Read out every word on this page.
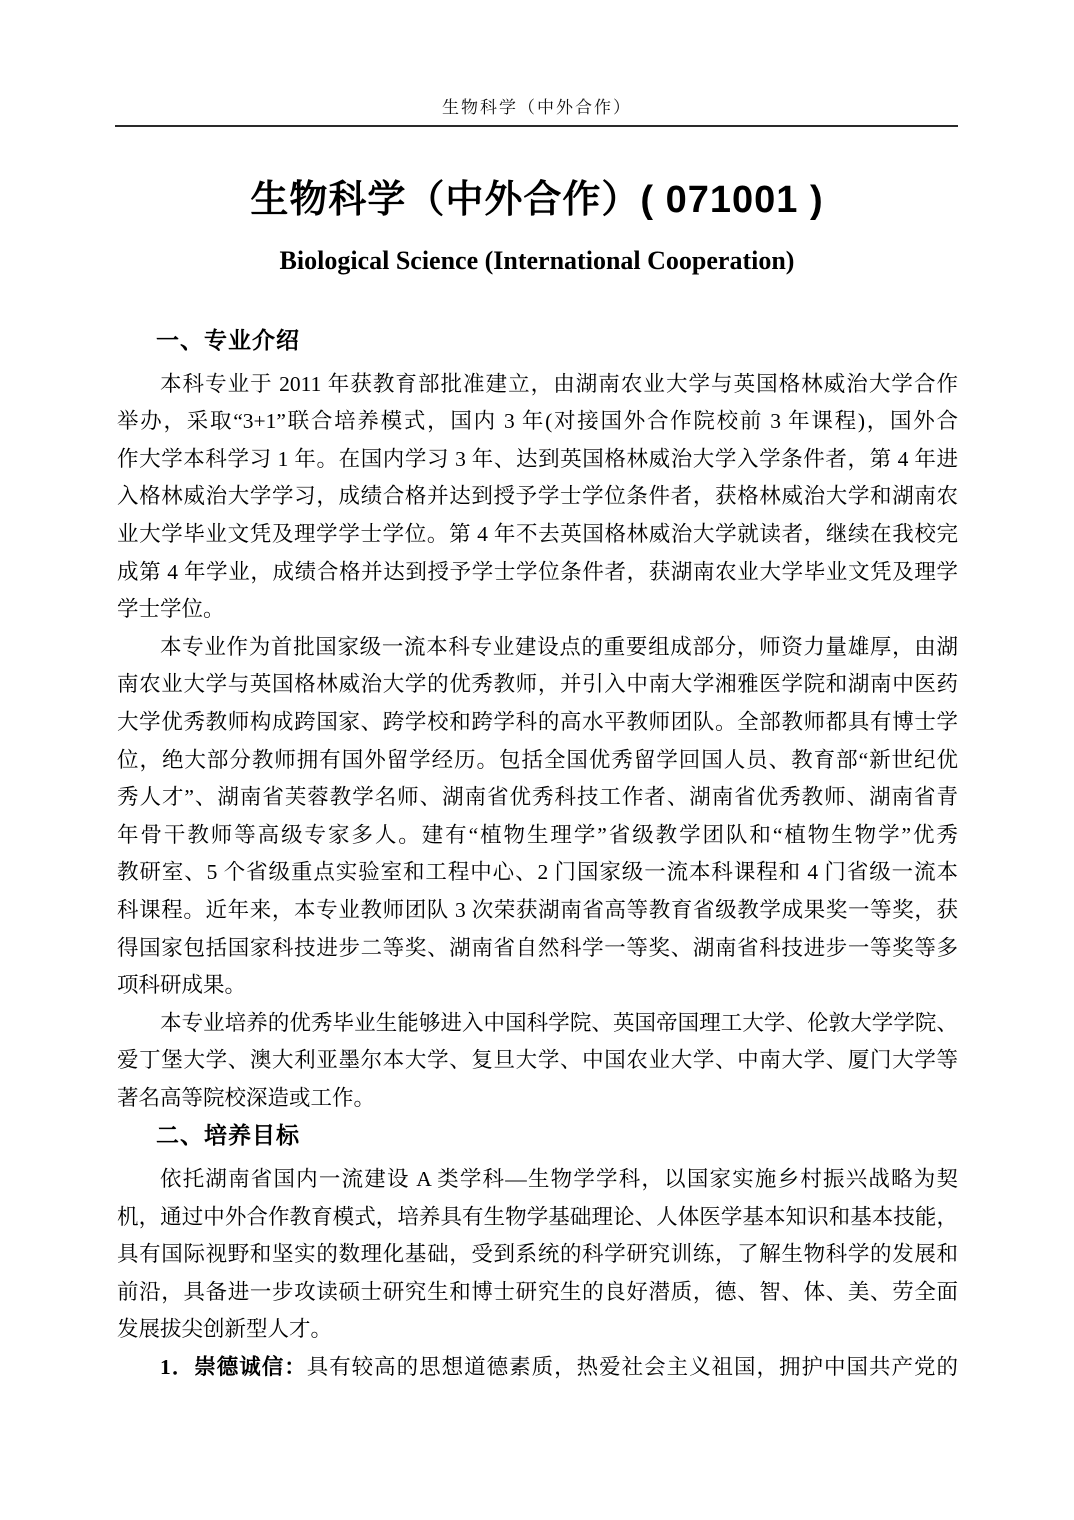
生物科学（中外合作）
生物科学（中外合作）( 071001 )
Biological Science (International Cooperation)
一、专业介绍
本科专业于 2011 年获教育部批准建立，由湖南农业大学与英国格林威治大学合作
举办，采取“3+1”联合培养模式，国内 3 年(对接国外合作院校前 3 年课程)，国外合
作大学本科学习 1 年。在国内学习 3 年、达到英国格林威治大学入学条件者，第 4 年进
入格林威治大学学习，成绩合格并达到授予学士学位条件者，获格林威治大学和湖南农
业大学毕业文凭及理学学士学位。第 4 年不去英国格林威治大学就读者，继续在我校完
成第 4 年学业，成绩合格并达到授予学士学位条件者，获湖南农业大学毕业文凭及理学
学士学位。
本专业作为首批国家级一流本科专业建设点的重要组成部分，师资力量雄厚，由湖
南农业大学与英国格林威治大学的优秀教师，并引入中南大学湘雅医学院和湖南中医药
大学优秀教师构成跨国家、跨学校和跨学科的高水平教师团队。全部教师都具有博士学
位，绝大部分教师拥有国外留学经历。包括全国优秀留学回国人员、教育部“新世纪优
秀人才”、湖南省芙蓉教学名师、湖南省优秀科技工作者、湖南省优秀教师、湖南省青
年骨干教师等高级专家多人。建有“植物生理学”省级教学团队和“植物生物学”优秀
教研室、5 个省级重点实验室和工程中心、2 门国家级一流本科课程和 4 门省级一流本
科课程。近年来，本专业教师团队 3 次荣获湖南省高等教育省级教学成果奖一等奖，获
得国家包括国家科技进步二等奖、湖南省自然科学一等奖、湖南省科技进步一等奖等多
项科研成果。
本专业培养的优秀毕业生能够进入中国科学院、英国帝国理工大学、伦敦大学学院、
爱丁堡大学、澳大利亚墨尔本大学、复旦大学、中国农业大学、中南大学、厦门大学等
著名高等院校深造或工作。
二、培养目标
依托湖南省国内一流建设 A 类学科—生物学学科，以国家实施乡村振兴战略为契
机，通过中外合作教育模式，培养具有生物学基础理论、人体医学基本知识和基本技能，
具有国际视野和坚实的数理化基础，受到系统的科学研究训练，了解生物科学的发展和
前沿，具备进一步攻读硕士研究生和博士研究生的良好潜质，德、智、体、美、劳全面
发展拔尖创新型人才。
1．崇德诚信：具有较高的思想道德素质，热爱社会主义祖国，拥护中国共产党的
